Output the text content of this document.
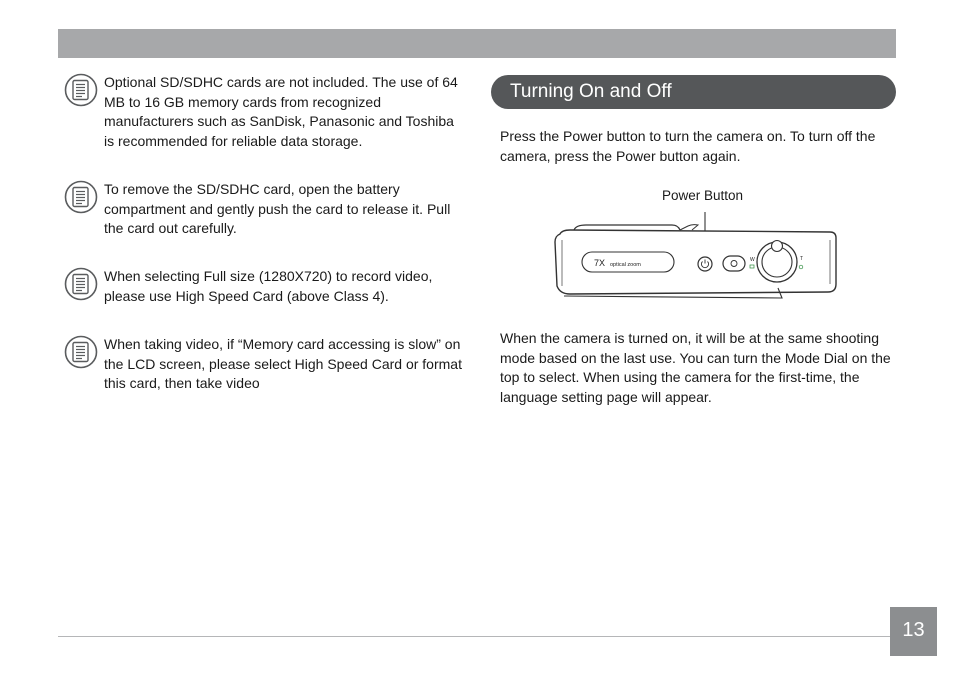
Optional SD/SDHC cards are not included. The use of 64 MB to 16 GB memory cards from recognized manufacturers such as SanDisk, Panasonic and Toshiba is recommended for reliable data storage.
To remove the SD/SDHC card, open the battery compartment and gently push the card to release it. Pull the card out carefully.
When selecting Full size (1280X720) to record video, please use High Speed Card (above Class 4).
When taking video, if “Memory card accessing is slow” on the LCD screen, please select High Speed Card or format this card, then take video
Turning On and Off
Press the Power button to turn the camera on. To turn off the camera, press the Power button again.
Power Button
7X optical zoom
W	T
When the camera is turned on, it will be at the same shooting mode based on the last use. You can turn the Mode Dial on the top to select. When using the camera for the first-time, the language setting page will appear.
13
